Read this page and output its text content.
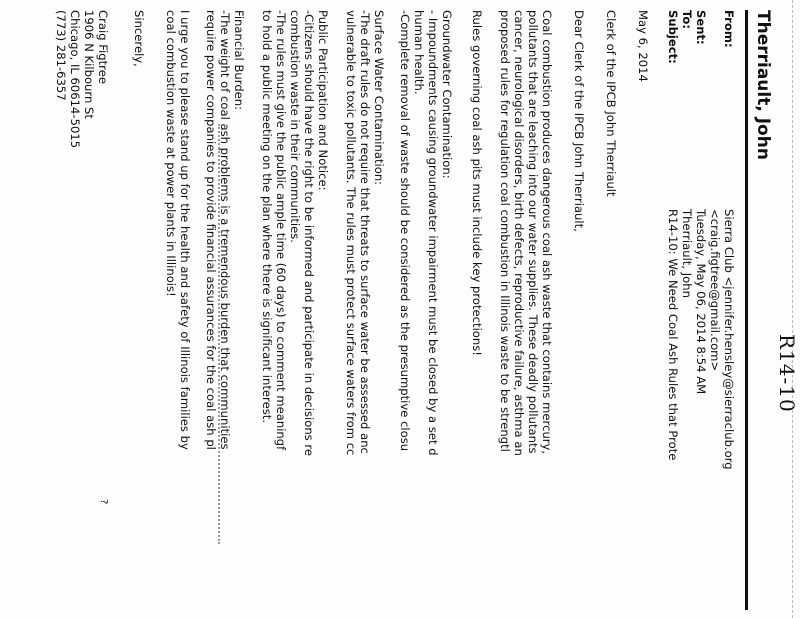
R14-10
Therriault, John
From:
Sierra Club <jennifer.hensley@sierraclub.org
<craig.figtree@gmail.com>
Sent:
Tuesday, May 06, 2014 8:54 AM
To:
Therriault, John
Subject:
R14-10: We Need Coal Ash Rules that Prote
May 6, 2014
Clerk of the IPCB John Therriault
Dear Clerk of the IPCB John Therriault,
Coal combustion produces dangerous coal ash waste that contains mercury,
pollutants that are leaching into our water supplies. These deadly pollutants
cancer, neurological disorders, birth defects, reproductive failure, asthma an
proposed rules for regulation coal combustion in Illinois waste to be strengtl
Rules governing coal ash pits must include key protections!
Groundwater Contamination:
- Impoundments causing groundwater impairment must be closed by a set d
human health.
-Complete removal of waste should be considered as the presumptive closu
Surface Water Contamination:
-The draft rules do not require that threats to surface water be assessed anc
vulnerable to toxic pollutants. The rules must protect surface waters from cc
Public Participation and Notice:
-Citizens should have the right to be informed and participate in decisions re
combustion waste in their communities.
-The rules must give the public ample time (60 days) to comment meaningf
to hold a public meeting on the plan where there is significant interest.
Financial Burden:
-The weight of coal ash problems is a tremendous burden that communities
require power companies to provide financial assurances for the coal ash pl
I urge you to please stand up for the health and safety of Illinois families by
coal combustion waste at power plants in Illinois!
Sincerely,
Craig Figtree
1906 N Kilbourn St
Chicago, IL 60614-5015
(773) 281-6357
?
